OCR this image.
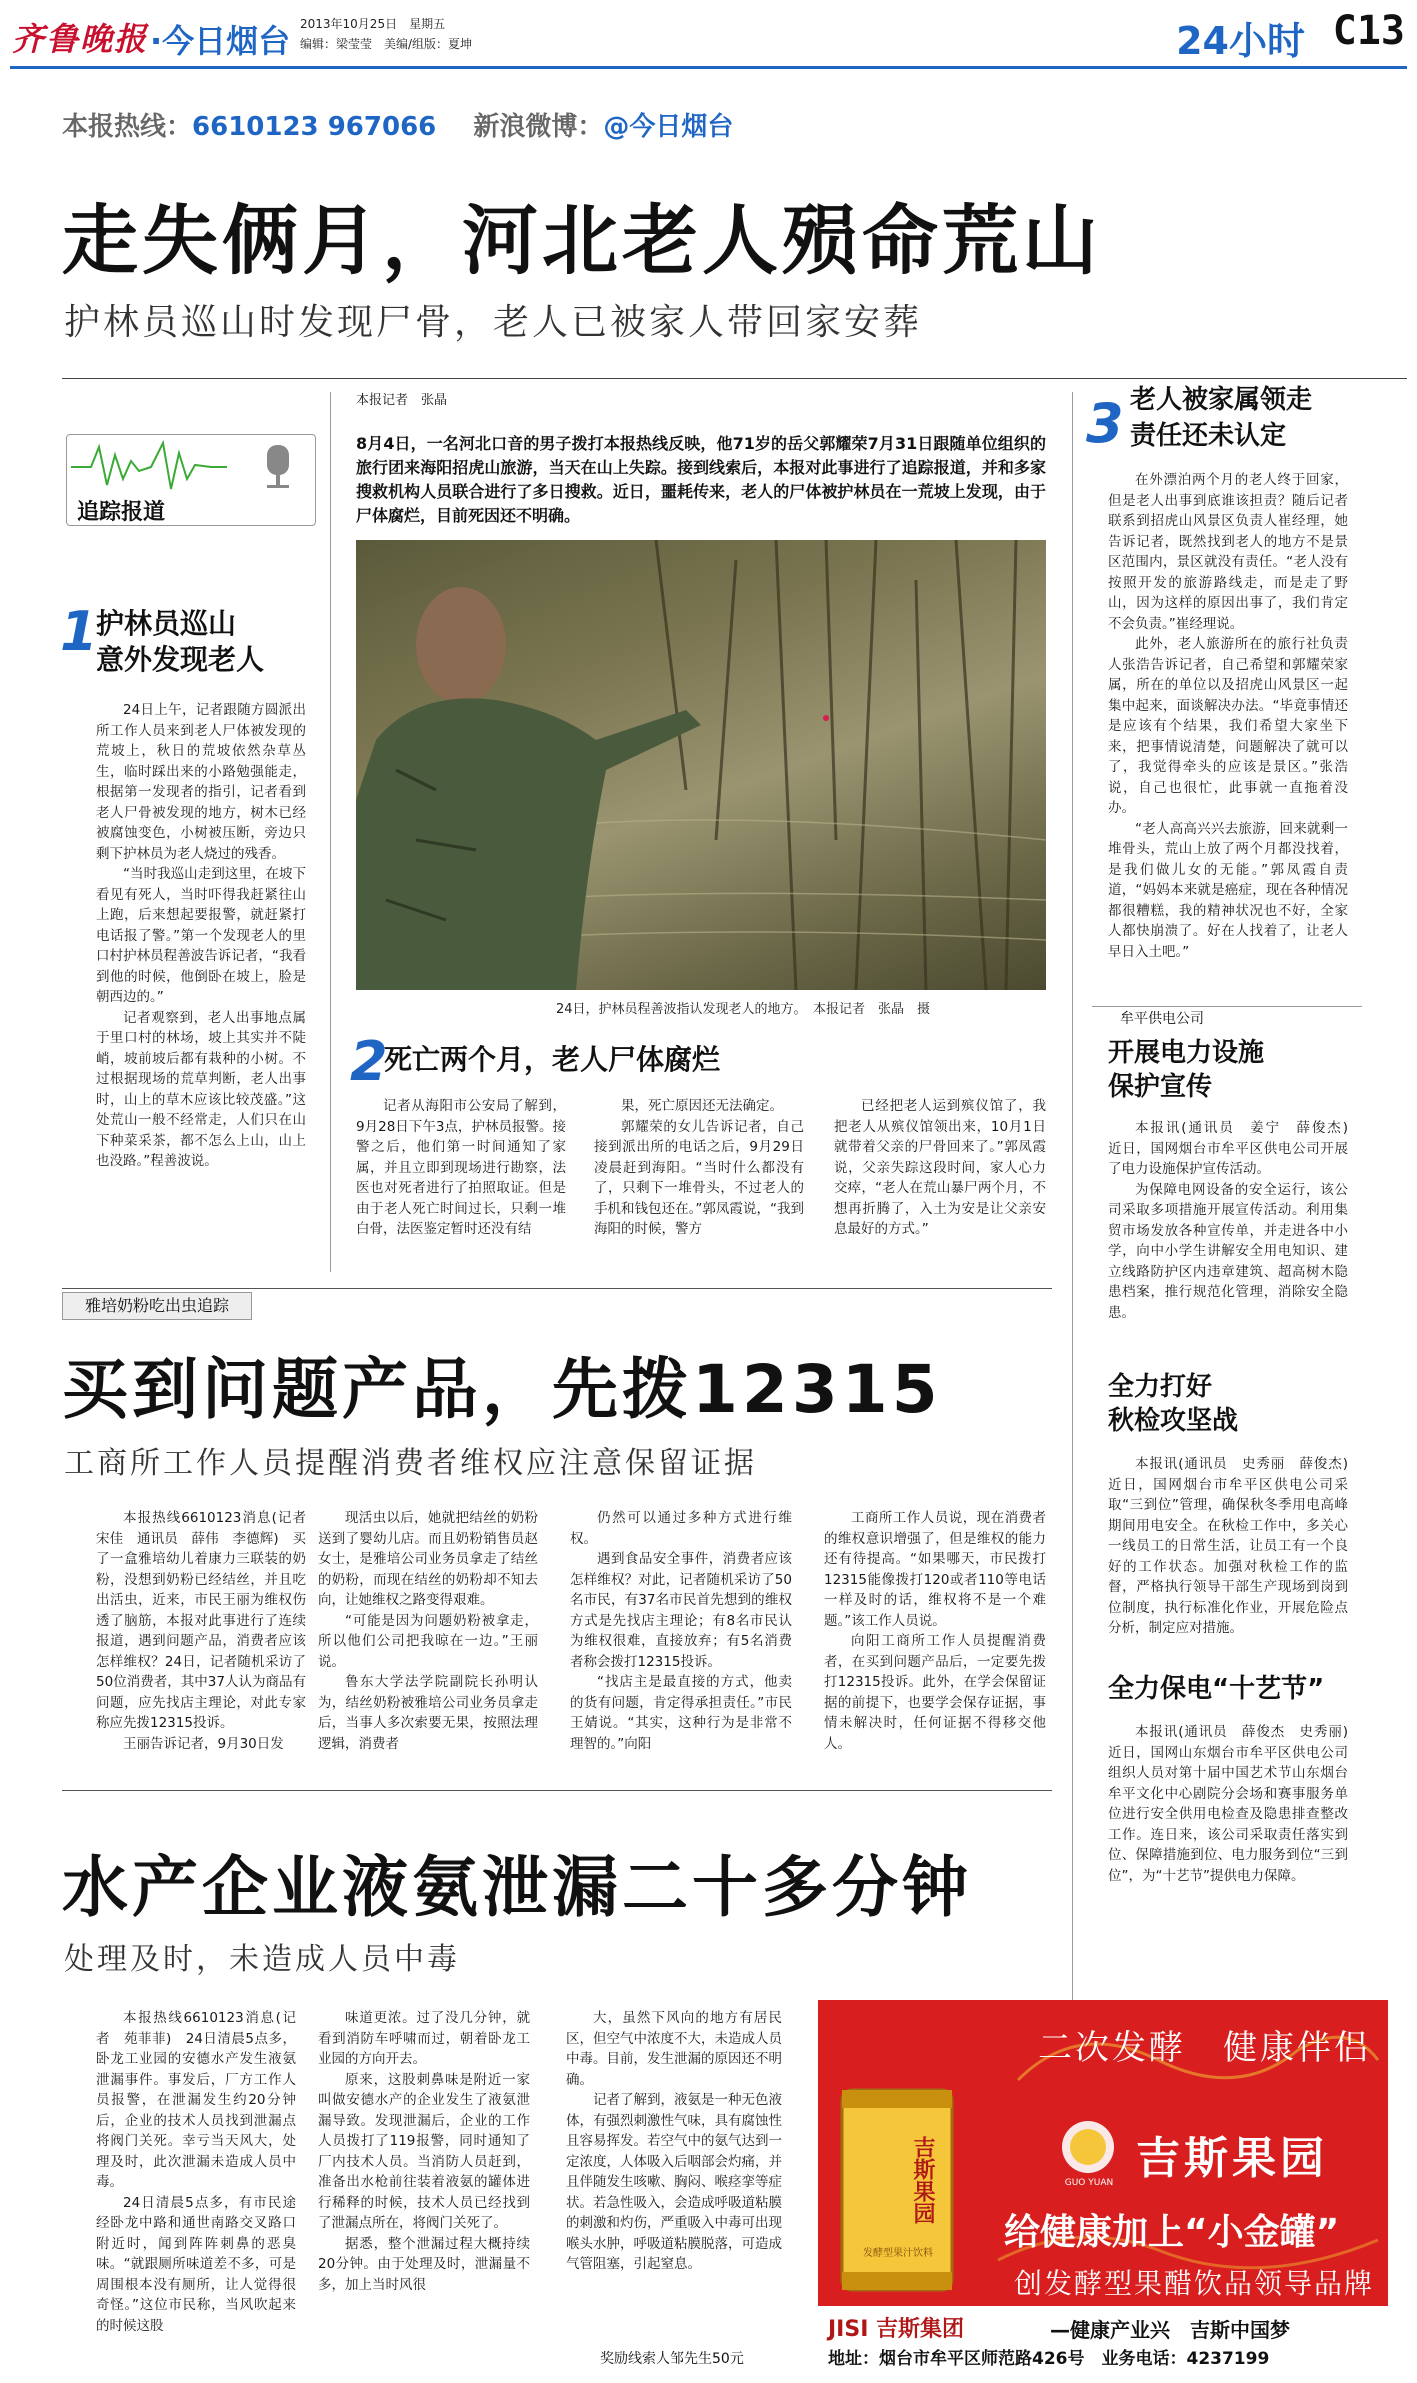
齐鲁晚报 ·今日烟台 2013年10月25日　星期五
编辑：梁莹莹　美编/组版：夏坤	24小时 C13
本报热线：6610123 967066 新浪微博：@今日烟台
走失俩月，河北老人殒命荒山
护林员巡山时发现尸骨，老人已被家人带回家安葬
追踪报道
本报记者　张晶
8月4日，一名河北口音的男子拨打本报热线反映，他71岁的岳父郭耀荣7月31日跟随单位组织的旅行团来海阳招虎山旅游，当天在山上失踪。接到线索后，本报对此事进行了追踪报道，并和多家搜救机构人员联合进行了多日搜救。近日，噩耗传来，老人的尸体被护林员在一荒坡上发现，由于尸体腐烂，目前死因还不明确。
24日，护林员程善波指认发现老人的地方。　本报记者　张晶　摄
1
护林员巡山
意外发现老人

24日上午，记者跟随方圆派出所工作人员来到老人尸体被发现的荒坡上，秋日的荒坡依然杂草丛生，临时踩出来的小路勉强能走，根据第一发现者的指引，记者看到老人尸骨被发现的地方，树木已经被腐蚀变色，小树被压断，旁边只剩下护林员为老人烧过的残香。

“当时我巡山走到这里，在坡下看见有死人，当时吓得我赶紧往山上跑，后来想起要报警，就赶紧打电话报了警。”第一个发现老人的里口村护林员程善波告诉记者，“我看到他的时候，他倒卧在坡上，脸是朝西边的。”

记者观察到，老人出事地点属于里口村的林场，坡上其实并不陡峭，坡前坡后都有栽种的小树。不过根据现场的荒草判断，老人出事时，山上的草木应该比较茂盛。”这处荒山一般不经常走，人们只在山下种菜采茶，都不怎么上山，山上也没路。”程善波说。

2
死亡两个月，老人尸体腐烂

记者从海阳市公安局了解到，9月28日下午3点，护林员报警。接警之后，他们第一时间通知了家属，并且立即到现场进行勘察，法医也对死者进行了拍照取证。但是由于老人死亡时间过长，只剩一堆白骨，法医鉴定暂时还没有结

果，死亡原因还无法确定。

郭耀荣的女儿告诉记者，自己接到派出所的电话之后，9月29日凌晨赶到海阳。“当时什么都没有了，只剩下一堆骨头，不过老人的手机和钱包还在。”郭凤霞说，“我到海阳的时候，警方

已经把老人运到殡仪馆了，我把老人从殡仪馆领出来，10月1日就带着父亲的尸骨回来了。”郭凤霞说，父亲失踪这段时间，家人心力交瘁，“老人在荒山暴尸两个月，不想再折腾了，入土为安是让父亲安息最好的方式。”

3 老人被家属领走
责任还未认定

在外漂泊两个月的老人终于回家，但是老人出事到底谁该担责？随后记者联系到招虎山风景区负责人崔经理，她告诉记者，既然找到老人的地方不是景区范围内，景区就没有责任。“老人没有按照开发的旅游路线走，而是走了野山，因为这样的原因出事了，我们肯定不会负责。”崔经理说。

此外，老人旅游所在的旅行社负责人张浩告诉记者，自己希望和郭耀荣家属，所在的单位以及招虎山风景区一起集中起来，面谈解决办法。“毕竟事情还是应该有个结果，我们希望大家坐下来，把事情说清楚，问题解决了就可以了，我觉得牵头的应该是景区。”张浩说，自己也很忙，此事就一直拖着没办。

“老人高高兴兴去旅游，回来就剩一堆骨头，荒山上放了两个月都没找着，是我们做儿女的无能。”郭凤霞自责道，“妈妈本来就是癌症，现在各种情况都很糟糕，我的精神状况也不好，全家人都快崩溃了。好在人找着了，让老人早日入土吧。”

牟平供电公司
开展电力设施
保护宣传

本报讯(通讯员　姜宁　薛俊杰)　近日，国网烟台市牟平区供电公司开展了电力设施保护宣传活动。

为保障电网设备的安全运行，该公司采取多项措施开展宣传活动。利用集贸市场发放各种宣传单，并走进各中小学，向中小学生讲解安全用电知识、建立线路防护区内违章建筑、超高树木隐患档案，推行规范化管理，消除安全隐患。

全力打好
秋检攻坚战

本报讯(通讯员　史秀丽　薛俊杰)　近日，国网烟台市牟平区供电公司采取“三到位”管理，确保秋冬季用电高峰期间用电安全。在秋检工作中，多关心一线员工的日常生活，让员工有一个良好的工作状态。加强对秋检工作的监督，严格执行领导干部生产现场到岗到位制度，执行标准化作业，开展危险点分析，制定应对措施。

全力保电“十艺节”

本报讯(通讯员　薛俊杰　史秀丽)　近日，国网山东烟台市牟平区供电公司组织人员对第十届中国艺术节山东烟台牟平文化中心剧院分会场和赛事服务单位进行安全供用电检查及隐患排查整改工作。连日来，该公司采取责任落实到位、保障措施到位、电力服务到位“三到位”，为“十艺节”提供电力保障。

雅培奶粉吃出虫追踪
买到问题产品，先拨12315
工商所工作人员提醒消费者维权应注意保留证据

本报热线6610123消息(记者　宋佳　通讯员　薛伟　李德辉)　买了一盒雅培幼儿着康力三联装的奶粉，没想到奶粉已经结丝，并且吃出活虫，近来，市民王丽为维权伤透了脑筋，本报对此事进行了连续报道，遇到问题产品，消费者应该怎样维权？24日，记者随机采访了50位消费者，其中37人认为商品有问题，应先找店主理论，对此专家称应先拨12315投诉。

王丽告诉记者，9月30日发

现活虫以后，她就把结丝的奶粉送到了婴幼儿店。而且奶粉销售员赵女士，是雅培公司业务员拿走了结丝的奶粉，而现在结丝的奶粉却不知去向，让她维权之路变得艰难。

“可能是因为问题奶粉被拿走，所以他们公司把我晾在一边。”王丽说。

鲁东大学法学院副院长孙明认为，结丝奶粉被雅培公司业务员拿走后，当事人多次索要无果，按照法理逻辑，消费者

仍然可以通过多种方式进行维权。

遇到食品安全事件，消费者应该怎样维权？对此，记者随机采访了50名市民，有37名市民首先想到的维权方式是先找店主理论；有8名市民认为维权很难，直接放弃；有5名消费者称会拨打12315投诉。

“找店主是最直接的方式，他卖的货有问题，肯定得承担责任。”市民王婧说。“其实，这种行为是非常不理智的。”向阳

工商所工作人员说，现在消费者的维权意识增强了，但是维权的能力还有待提高。“如果哪天，市民拨打12315能像拨打120或者110等电话一样及时的话，维权将不是一个难题。”该工作人员说。

向阳工商所工作人员提醒消费者，在买到问题产品后，一定要先拨打12315投诉。此外，在学会保留证据的前提下，也要学会保存证据，事情未解决时，任何证据不得移交他人。

水产企业液氨泄漏二十多分钟
处理及时，未造成人员中毒

本报热线6610123消息(记者　苑菲菲)　24日清晨5点多，卧龙工业园的安德水产发生液氨泄漏事件。事发后，厂方工作人员报警，在泄漏发生约20分钟后，企业的技术人员找到泄漏点将阀门关死。幸亏当天风大，处理及时，此次泄漏未造成人员中毒。

24日清晨5点多，有市民途经卧龙中路和通世南路交叉路口附近时，闻到阵阵刺鼻的恶臭味。“就跟厕所味道差不多，可是周围根本没有厕所，让人觉得很奇怪。”这位市民称，当风吹起来的时候这股

味道更浓。过了没几分钟，就看到消防车呼啸而过，朝着卧龙工业园的方向开去。

原来，这股刺鼻味是附近一家叫做安德水产的企业发生了液氨泄漏导致。发现泄漏后，企业的工作人员拨打了119报警，同时通知了厂内技术人员。当消防人员赶到，准备出水枪前往装着液氨的罐体进行稀释的时候，技术人员已经找到了泄漏点所在，将阀门关死了。

据悉，整个泄漏过程大概持续20分钟。由于处理及时，泄漏量不多，加上当时风很

大，虽然下风向的地方有居民区，但空气中浓度不大，未造成人员中毒。目前，发生泄漏的原因还不明确。

记者了解到，液氨是一种无色液体，有强烈刺激性气味，具有腐蚀性且容易挥发。若空气中的氨气达到一定浓度，人体吸入后咽部会灼痛，并且伴随发生咳嗽、胸闷、喉痉挛等症状。若急性吸入，会造成呼吸道粘膜的刺激和灼伤，严重吸入中毒可出现喉头水肿，呼吸道粘膜脱落，可造成气管阻塞，引起窒息。

奖励线索人邹先生50元
吉斯果园
发酵型果汁饮料
GUO YUAN
二次发酵　健康伴侣
吉斯果园
给健康加上“小金罐”
创发酵型果醋饮品领导品牌
JISI 吉斯集团	—健康产业兴　吉斯中国梦
地址：烟台市牟平区师范路426号　业务电话：4237199
